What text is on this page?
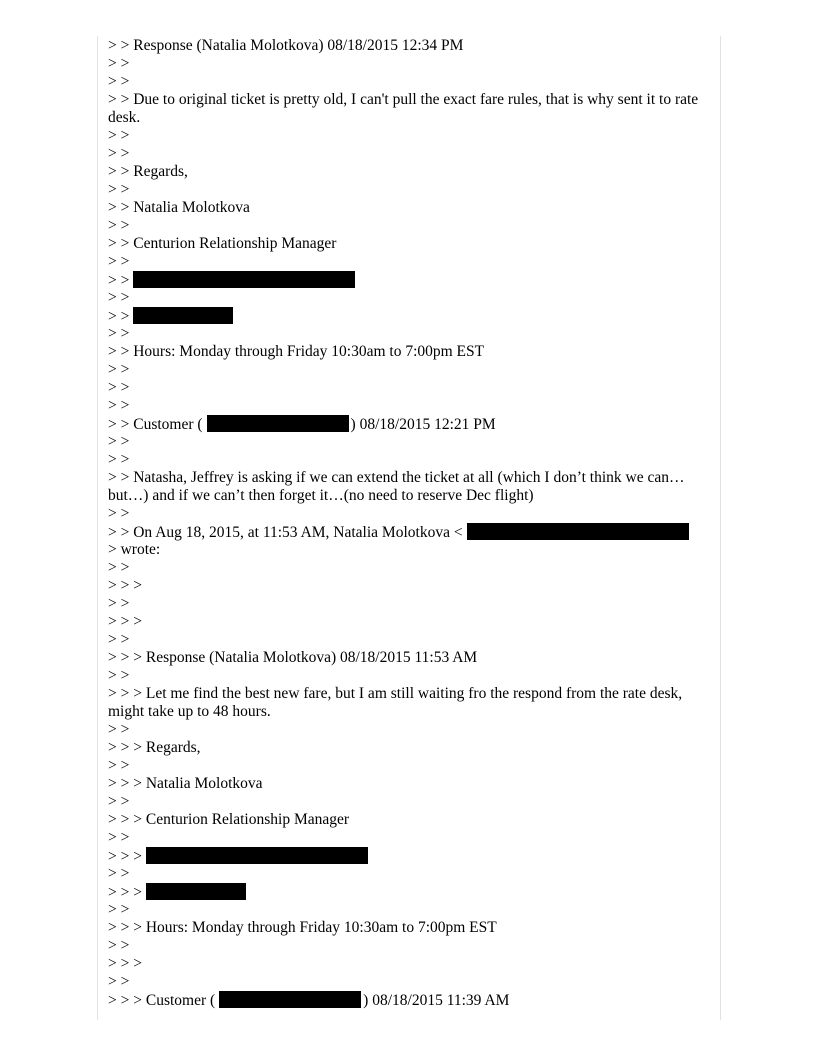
> > Response (Natalia Molotkova) 08/18/2015 12:34 PM
> >
> >
> > Due to original ticket is pretty old, I can't pull the exact fare rules, that is why sent it to rate desk.
> >
> >
> > Regards,
> >
> > Natalia Molotkova
> >
> > Centurion Relationship Manager
> >
> >
> >
> >
> >
> > Hours: Monday through Friday 10:30am to 7:00pm EST
> >
> >
> >
> > Customer (	) 08/18/2015 12:21 PM
> >
> >
> > Natasha, Jeffrey is asking if we can extend the ticket at all (which I don’t think we can… but…) and if we can’t then forget it…(no need to reserve Dec flight)
> >
> > On Aug 18, 2015, at 11:53 AM, Natalia Molotkova <
> wrote:
> >
> > >
> >
> > >
> >
> > > Response (Natalia Molotkova) 08/18/2015 11:53 AM
> >
> > > Let me find the best new fare, but I am still waiting fro the respond from the rate desk, might take up to 48 hours.
> >
> > > Regards,
> >
> > > Natalia Molotkova
> >
> > > Centurion Relationship Manager
> >
> > >
> >
> > >
> >
> > > Hours: Monday through Friday 10:30am to 7:00pm EST
> >
> > >
> >
> > > Customer (	) 08/18/2015 11:39 AM
